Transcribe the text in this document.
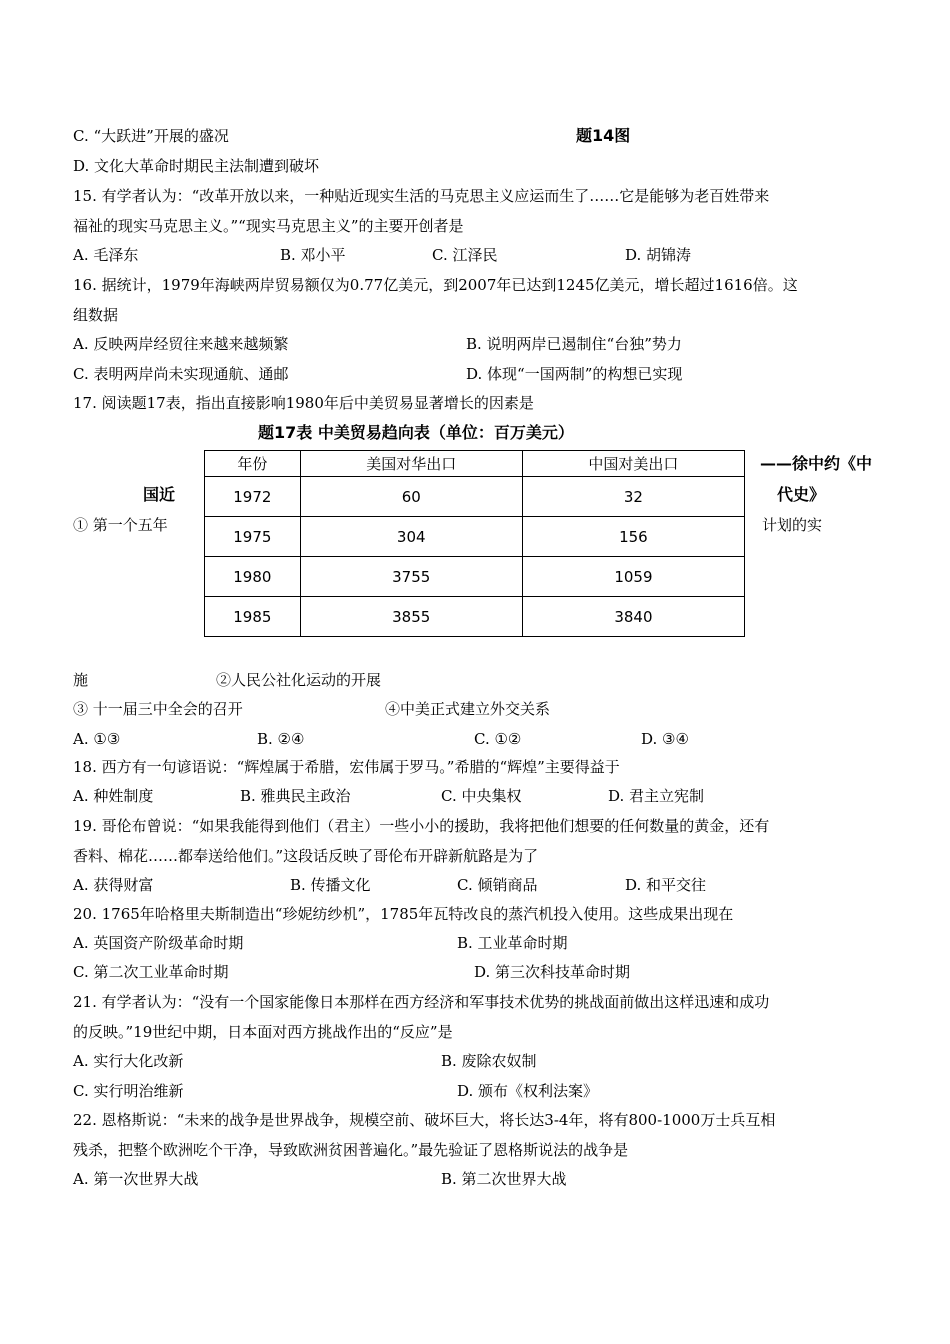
C. “大跃进”开展的盛况	题14图
D. 文化大革命时期民主法制遭到破坏
15. 有学者认为：“改革开放以来，一种贴近现实生活的马克思主义应运而生了……它是能够为老百姓带来
福祉的现实马克思主义。”“现实马克思主义”的主要开创者是
A. 毛泽东	B. 邓小平	C. 江泽民	D. 胡锦涛
16. 据统计，1979年海峡两岸贸易额仅为0.77亿美元，到2007年已达到1245亿美元，增长超过1616倍。这
组数据
A. 反映两岸经贸往来越来越频繁	B. 说明两岸已遏制住“台独”势力
C. 表明两岸尚未实现通航、通邮	D. 体现“一国两制”的构想已实现
17. 阅读题17表，指出直接影响1980年后中美贸易显著增长的因素是
题17表 中美贸易趋向表（单位：百万美元）
年份	美国对华出口	中国对美出口
1972	60	32
1975	304	156
1980	3755	1059
1985	3855	3840
——徐中约《中
国近	代史》
① 第一个五年	计划的实
施	②人民公社化运动的开展
③ 十一届三中全会的召开	④中美正式建立外交关系
A. ①③	B. ②④	C. ①②	D. ③④
18. 西方有一句谚语说：“辉煌属于希腊，宏伟属于罗马。”希腊的“辉煌”主要得益于
A. 种姓制度	B. 雅典民主政治	C. 中央集权	D. 君主立宪制
19. 哥伦布曾说：“如果我能得到他们（君主）一些小小的援助，我将把他们想要的任何数量的黄金，还有
香料、棉花……都奉送给他们。”这段话反映了哥伦布开辟新航路是为了
A. 获得财富	B. 传播文化	C. 倾销商品	D. 和平交往
20. 1765年哈格里夫斯制造出“珍妮纺纱机”，1785年瓦特改良的蒸汽机投入使用。这些成果出现在
A. 英国资产阶级革命时期	B. 工业革命时期
C. 第二次工业革命时期	D. 第三次科技革命时期
21. 有学者认为：“没有一个国家能像日本那样在西方经济和军事技术优势的挑战面前做出这样迅速和成功
的反映。”19世纪中期，日本面对西方挑战作出的“反应”是
A. 实行大化改新	B. 废除农奴制
C. 实行明治维新	D. 颁布《权利法案》
22. 恩格斯说：“未来的战争是世界战争，规模空前、破坏巨大，将长达3-4年，将有800-1000万士兵互相
残杀，把整个欧洲吃个干净，导致欧洲贫困普遍化。”最先验证了恩格斯说法的战争是
A. 第一次世界大战	B. 第二次世界大战
